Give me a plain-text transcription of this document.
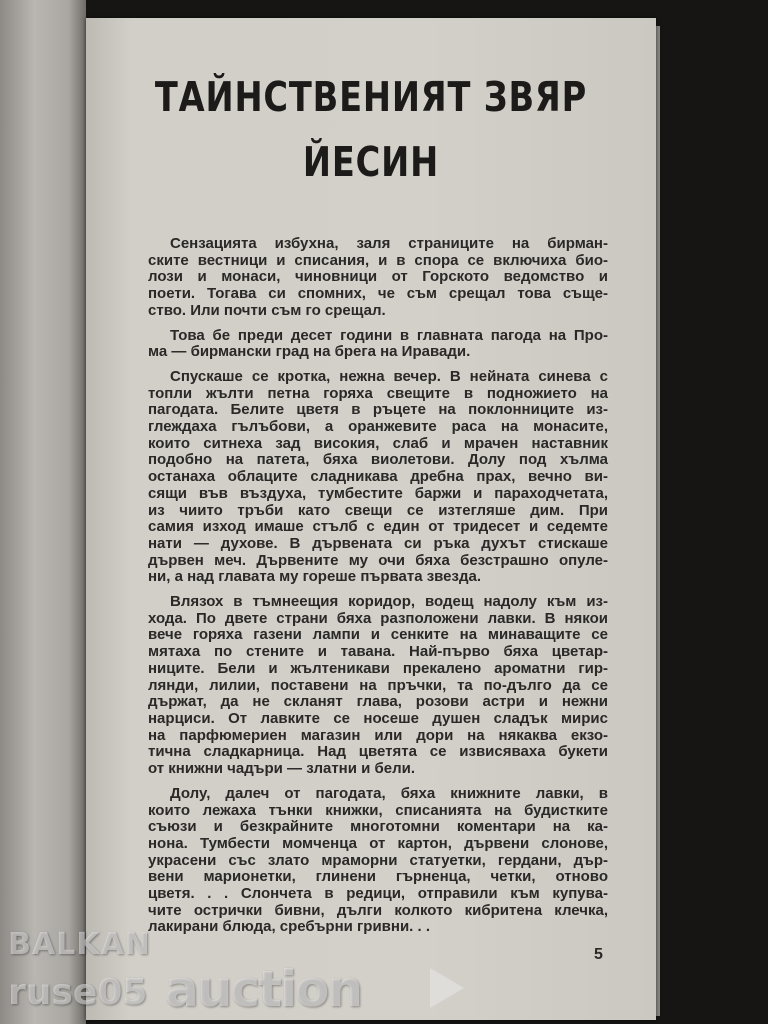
ТАЙНСТВЕНИЯТ ЗВЯР
ЙЕСИН
Сензацията избухна, заля страниците на бирман-
ските вестници и списания, и в спора се включиха био-
лози и монаси, чиновници от Горското ведомство и
поети. Тогава си спомних, че съм срещал това съще-
ство. Или почти съм го срещал.
Това бе преди десет години в главната пагода на Про-
ма — бирмански град на брега на Иравади.
Спускаше се кротка, нежна вечер. В нейната синева с
топли жълти петна горяха свещите в подножието на
пагодата. Белите цветя в ръцете на поклонниците из-
глеждаха гълъбови, а оранжевите раса на монасите,
които ситнеха зад високия, слаб и мрачен наставник
подобно на патета, бяха виолетови. Долу под хълма
останаха облаците сладникава дребна прах, вечно ви-
сящи във въздуха, тумбестите баржи и параходчетата,
из чиито тръби като свещи се изтегляше дим. При
самия изход имаше стълб с един от тридесет и седемте
нати — духове. В дървената си ръка духът стискаше
дървен меч. Дървените му очи бяха безстрашно опуле-
ни, а над главата му гореше първата звезда.
Влязох в тъмнеещия коридор, водещ надолу към из-
хода. По двете страни бяха разположени лавки. В някои
вече горяха газени лампи и сенките на минаващите се
мятаха по стените и тавана. Най-първо бяха цветар-
ниците. Бели и жълтеникави прекалено ароматни гир-
лянди, лилии, поставени на пръчки, та по-дълго да се
държат, да не скланят глава, розови астри и нежни
нарциси. От лавките се носеше душен сладък мирис
на парфюмериен магазин или дори на някаква екзо-
тична сладкарница. Над цветята се извисяваха букети
от книжни чадъри — златни и бели.
Долу, далеч от пагодата, бяха книжните лавки, в
които лежаха тънки книжки, списанията на будистките
съюзи и безкрайните многотомни коментари на ка-
нона. Тумбести момченца от картон, дървени слонове,
украсени със злато мраморни статуетки, гердани, дър-
вени марионетки, глинени гърненца, четки, отново
цветя. . . Слончета в редици, отправили към купува-
чите острички бивни, дълги колкото кибритена клечка,
лакирани блюда, сребърни гривни. . .
5
BALKAN
auction
ruse05
